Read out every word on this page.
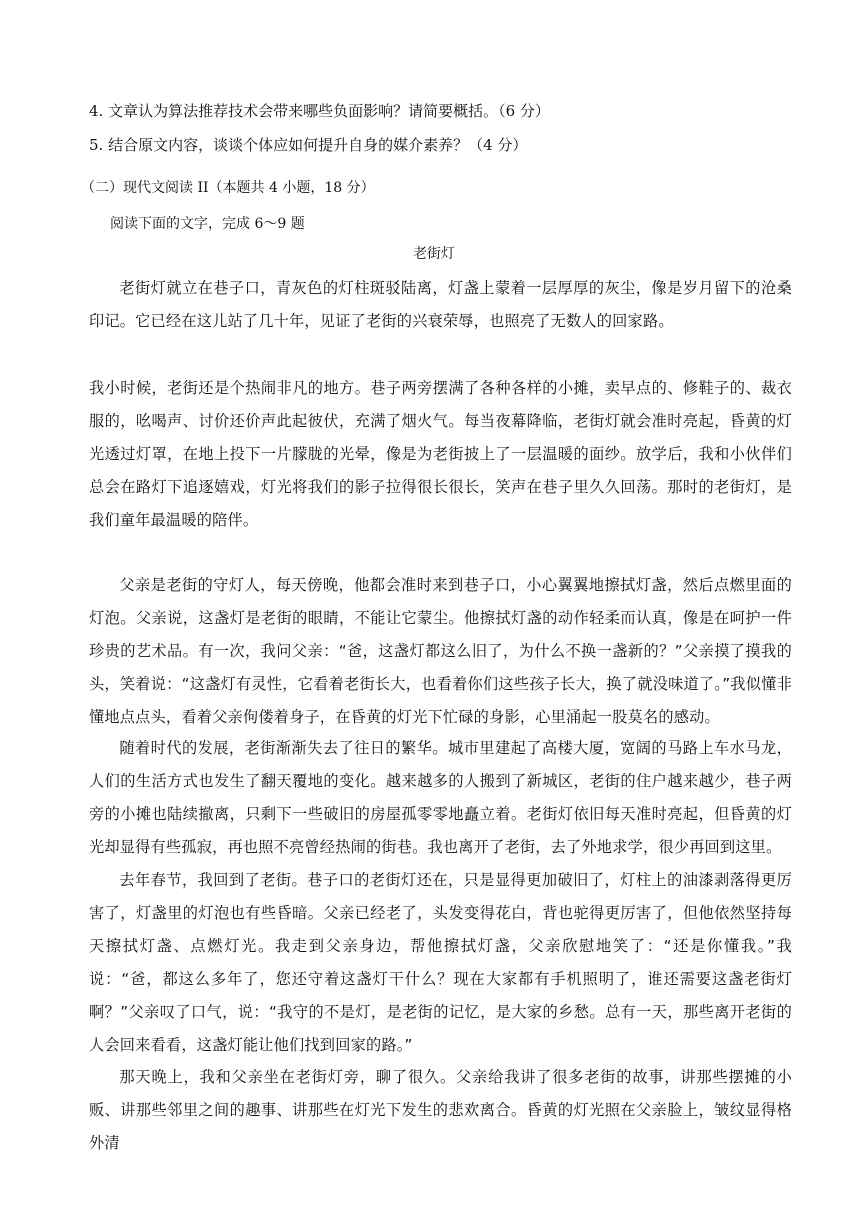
4. 文章认为算法推荐技术会带来哪些负面影响？请简要概括。（6 分）
5. 结合原文内容，谈谈个体应如何提升自身的媒介素养？（4 分）
（二）现代文阅读 II（本题共 4 小题，18 分）
阅读下面的文字，完成 6～9 题
老街灯

老街灯就立在巷子口，青灰色的灯柱斑驳陆离，灯盏上蒙着一层厚厚的灰尘，像是岁月留下的沧桑印记。它已经在这儿站了几十年，见证了老街的兴衰荣辱，也照亮了无数人的回家路。

我小时候，老街还是个热闹非凡的地方。巷子两旁摆满了各种各样的小摊，卖早点的、修鞋子的、裁衣服的，吆喝声、讨价还价声此起彼伏，充满了烟火气。每当夜幕降临，老街灯就会准时亮起，昏黄的灯光透过灯罩，在地上投下一片朦胧的光晕，像是为老街披上了一层温暖的面纱。放学后，我和小伙伴们总会在路灯下追逐嬉戏，灯光将我们的影子拉得很长很长，笑声在巷子里久久回荡。那时的老街灯，是我们童年最温暖的陪伴。

父亲是老街的守灯人，每天傍晚，他都会准时来到巷子口，小心翼翼地擦拭灯盏，然后点燃里面的灯泡。父亲说，这盏灯是老街的眼睛，不能让它蒙尘。他擦拭灯盏的动作轻柔而认真，像是在呵护一件珍贵的艺术品。有一次，我问父亲：“爸，这盏灯都这么旧了，为什么不换一盏新的？”父亲摸了摸我的头，笑着说：“这盏灯有灵性，它看着老街长大，也看着你们这些孩子长大，换了就没味道了。”我似懂非懂地点点头，看着父亲佝偻着身子，在昏黄的灯光下忙碌的身影，心里涌起一股莫名的感动。

随着时代的发展，老街渐渐失去了往日的繁华。城市里建起了高楼大厦，宽阔的马路上车水马龙，人们的生活方式也发生了翻天覆地的变化。越来越多的人搬到了新城区，老街的住户越来越少，巷子两旁的小摊也陆续撤离，只剩下一些破旧的房屋孤零零地矗立着。老街灯依旧每天准时亮起，但昏黄的灯光却显得有些孤寂，再也照不亮曾经热闹的街巷。我也离开了老街，去了外地求学，很少再回到这里。

去年春节，我回到了老街。巷子口的老街灯还在，只是显得更加破旧了，灯柱上的油漆剥落得更厉害了，灯盏里的灯泡也有些昏暗。父亲已经老了，头发变得花白，背也驼得更厉害了，但他依然坚持每天擦拭灯盏、点燃灯光。我走到父亲身边，帮他擦拭灯盏，父亲欣慰地笑了：“还是你懂我。”我说：“爸，都这么多年了，您还守着这盏灯干什么？现在大家都有手机照明了，谁还需要这盏老街灯啊？”父亲叹了口气，说：“我守的不是灯，是老街的记忆，是大家的乡愁。总有一天，那些离开老街的人会回来看看，这盏灯能让他们找到回家的路。”

那天晚上，我和父亲坐在老街灯旁，聊了很久。父亲给我讲了很多老街的故事，讲那些摆摊的小贩、讲那些邻里之间的趣事、讲那些在灯光下发生的悲欢离合。昏黄的灯光照在父亲脸上，皱纹显得格外清
